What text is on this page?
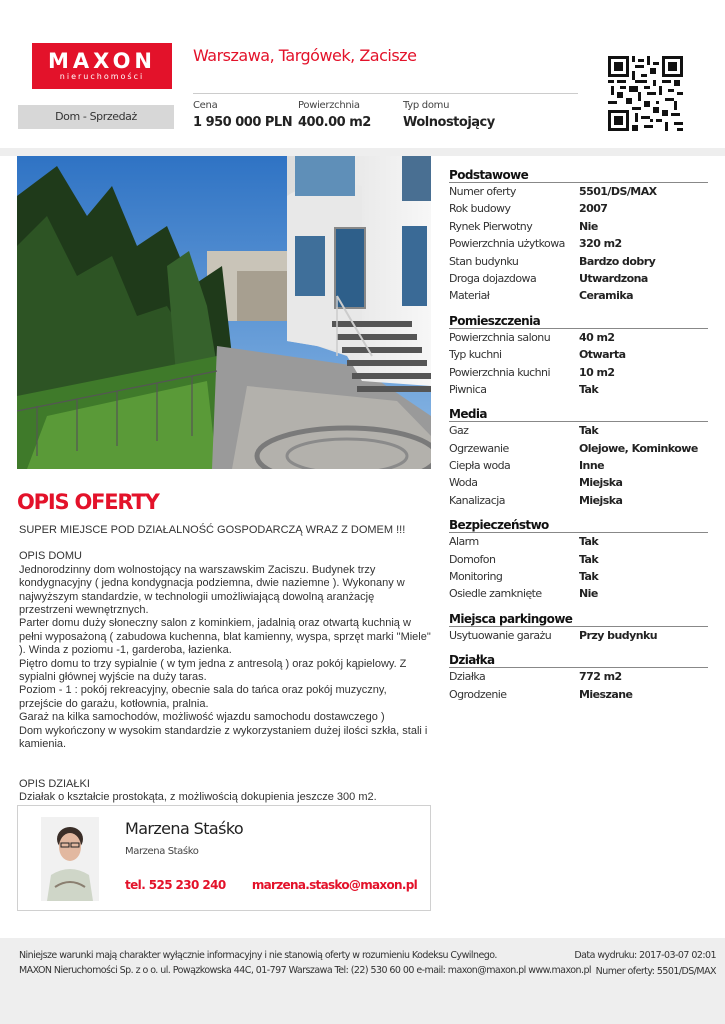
MAXON
nieruchomości
Warszawa, Targówek, Zacisze
Dom - Sprzedaż
Cena
1 950 000 PLN
Powierzchnia
400.00 m2
Typ domu
Wolnostojący
OPIS OFERTY

SUPER MIEJSCE POD DZIAŁALNOŚĆ GOSPODARCZĄ WRAZ Z DOMEM !!!

OPIS DOMU

Jednorodzinny dom wolnostojący na warszawskim Zaciszu. Budynek trzy kondygnacyjny ( jedna kondygnacja podziemna, dwie naziemne ). Wykonany w najwyższym standardzie, w technologii umożliwiającą dowolną aranżację przestrzeni wewnętrznych.

Parter domu duży słoneczny salon z kominkiem, jadalnią oraz otwartą kuchnią w pełni wyposażoną ( zabudowa kuchenna, blat kamienny, wyspa, sprzęt marki "Miele" ). Winda z poziomu -1, garderoba, łazienka.

Piętro domu to trzy sypialnie ( w tym jedna z antresolą ) oraz pokój kąpielowy. Z sypialni głównej wyjście na duży taras.

Poziom - 1 : pokój rekreacyjny, obecnie sala do tańca oraz pokój muzyczny, przejście do garażu, kotłownia, pralnia.

Garaż na kilka samochodów, możliwość wjazdu samochodu dostawczego )

Dom wykończony w wysokim standardzie z wykorzystaniem dużej ilości szkła, stali i kamienia.

OPIS DZIAŁKI

Działak o kształcie prostokąta, z możliwością dokupienia jeszcze 300 m2.

Marzena Staśko
Marzena Staśko
tel. 525 230 240 marzena.stasko@maxon.pl
Podstawowe
Numer oferty	5501/DS/MAX
Rok budowy	2007
Rynek Pierwotny	Nie
Powierzchnia użytkowa	320 m2
Stan budynku	Bardzo dobry
Droga dojazdowa	Utwardzona
Materiał	Ceramika
Pomieszczenia
Powierzchnia salonu	40 m2
Typ kuchni	Otwarta
Powierzchnia kuchni	10 m2
Piwnica	Tak
Media
Gaz	Tak
Ogrzewanie	Olejowe, Kominkowe
Ciepła woda	Inne
Woda	Miejska
Kanalizacja	Miejska
Bezpieczeństwo
Alarm	Tak
Domofon	Tak
Monitoring	Tak
Osiedle zamknięte	Nie
Miejsca parkingowe
Usytuowanie garażu	Przy budynku
Działka
Działka	772 m2
Ogrodzenie	Mieszane
Niniejsze warunki mają charakter wyłącznie informacyjny i nie stanowią oferty w rozumieniu Kodeksu Cywilnego.
MAXON Nieruchomości Sp. z o o. ul. Powązkowska 44C, 01-797 Warszawa Tel: (22) 530 60 00 e-mail: maxon@maxon.pl www.maxon.pl
Data wydruku: 2017-03-07 02:01
Numer oferty: 5501/DS/MAX
